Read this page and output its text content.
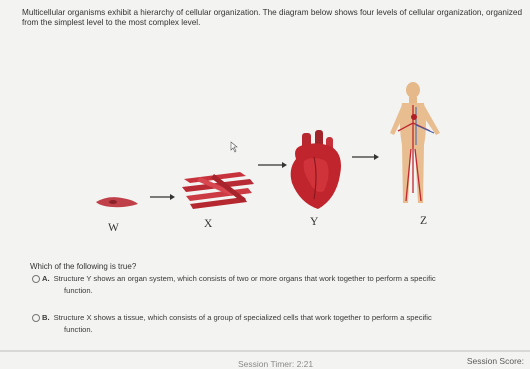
Multicellular organisms exhibit a hierarchy of cellular organization. The diagram below shows four levels of cellular organization, organized from the simplest level to the most complex level.
W	X	Y	Z
Which of the following is true?
A. Structure Y shows an organ system, which consists of two or more organs that work together to perform a specific
function.
B. Structure X shows a tissue, which consists of a group of specialized cells that work together to perform a specific
function.
Session Timer: 2:21	Session Score:
